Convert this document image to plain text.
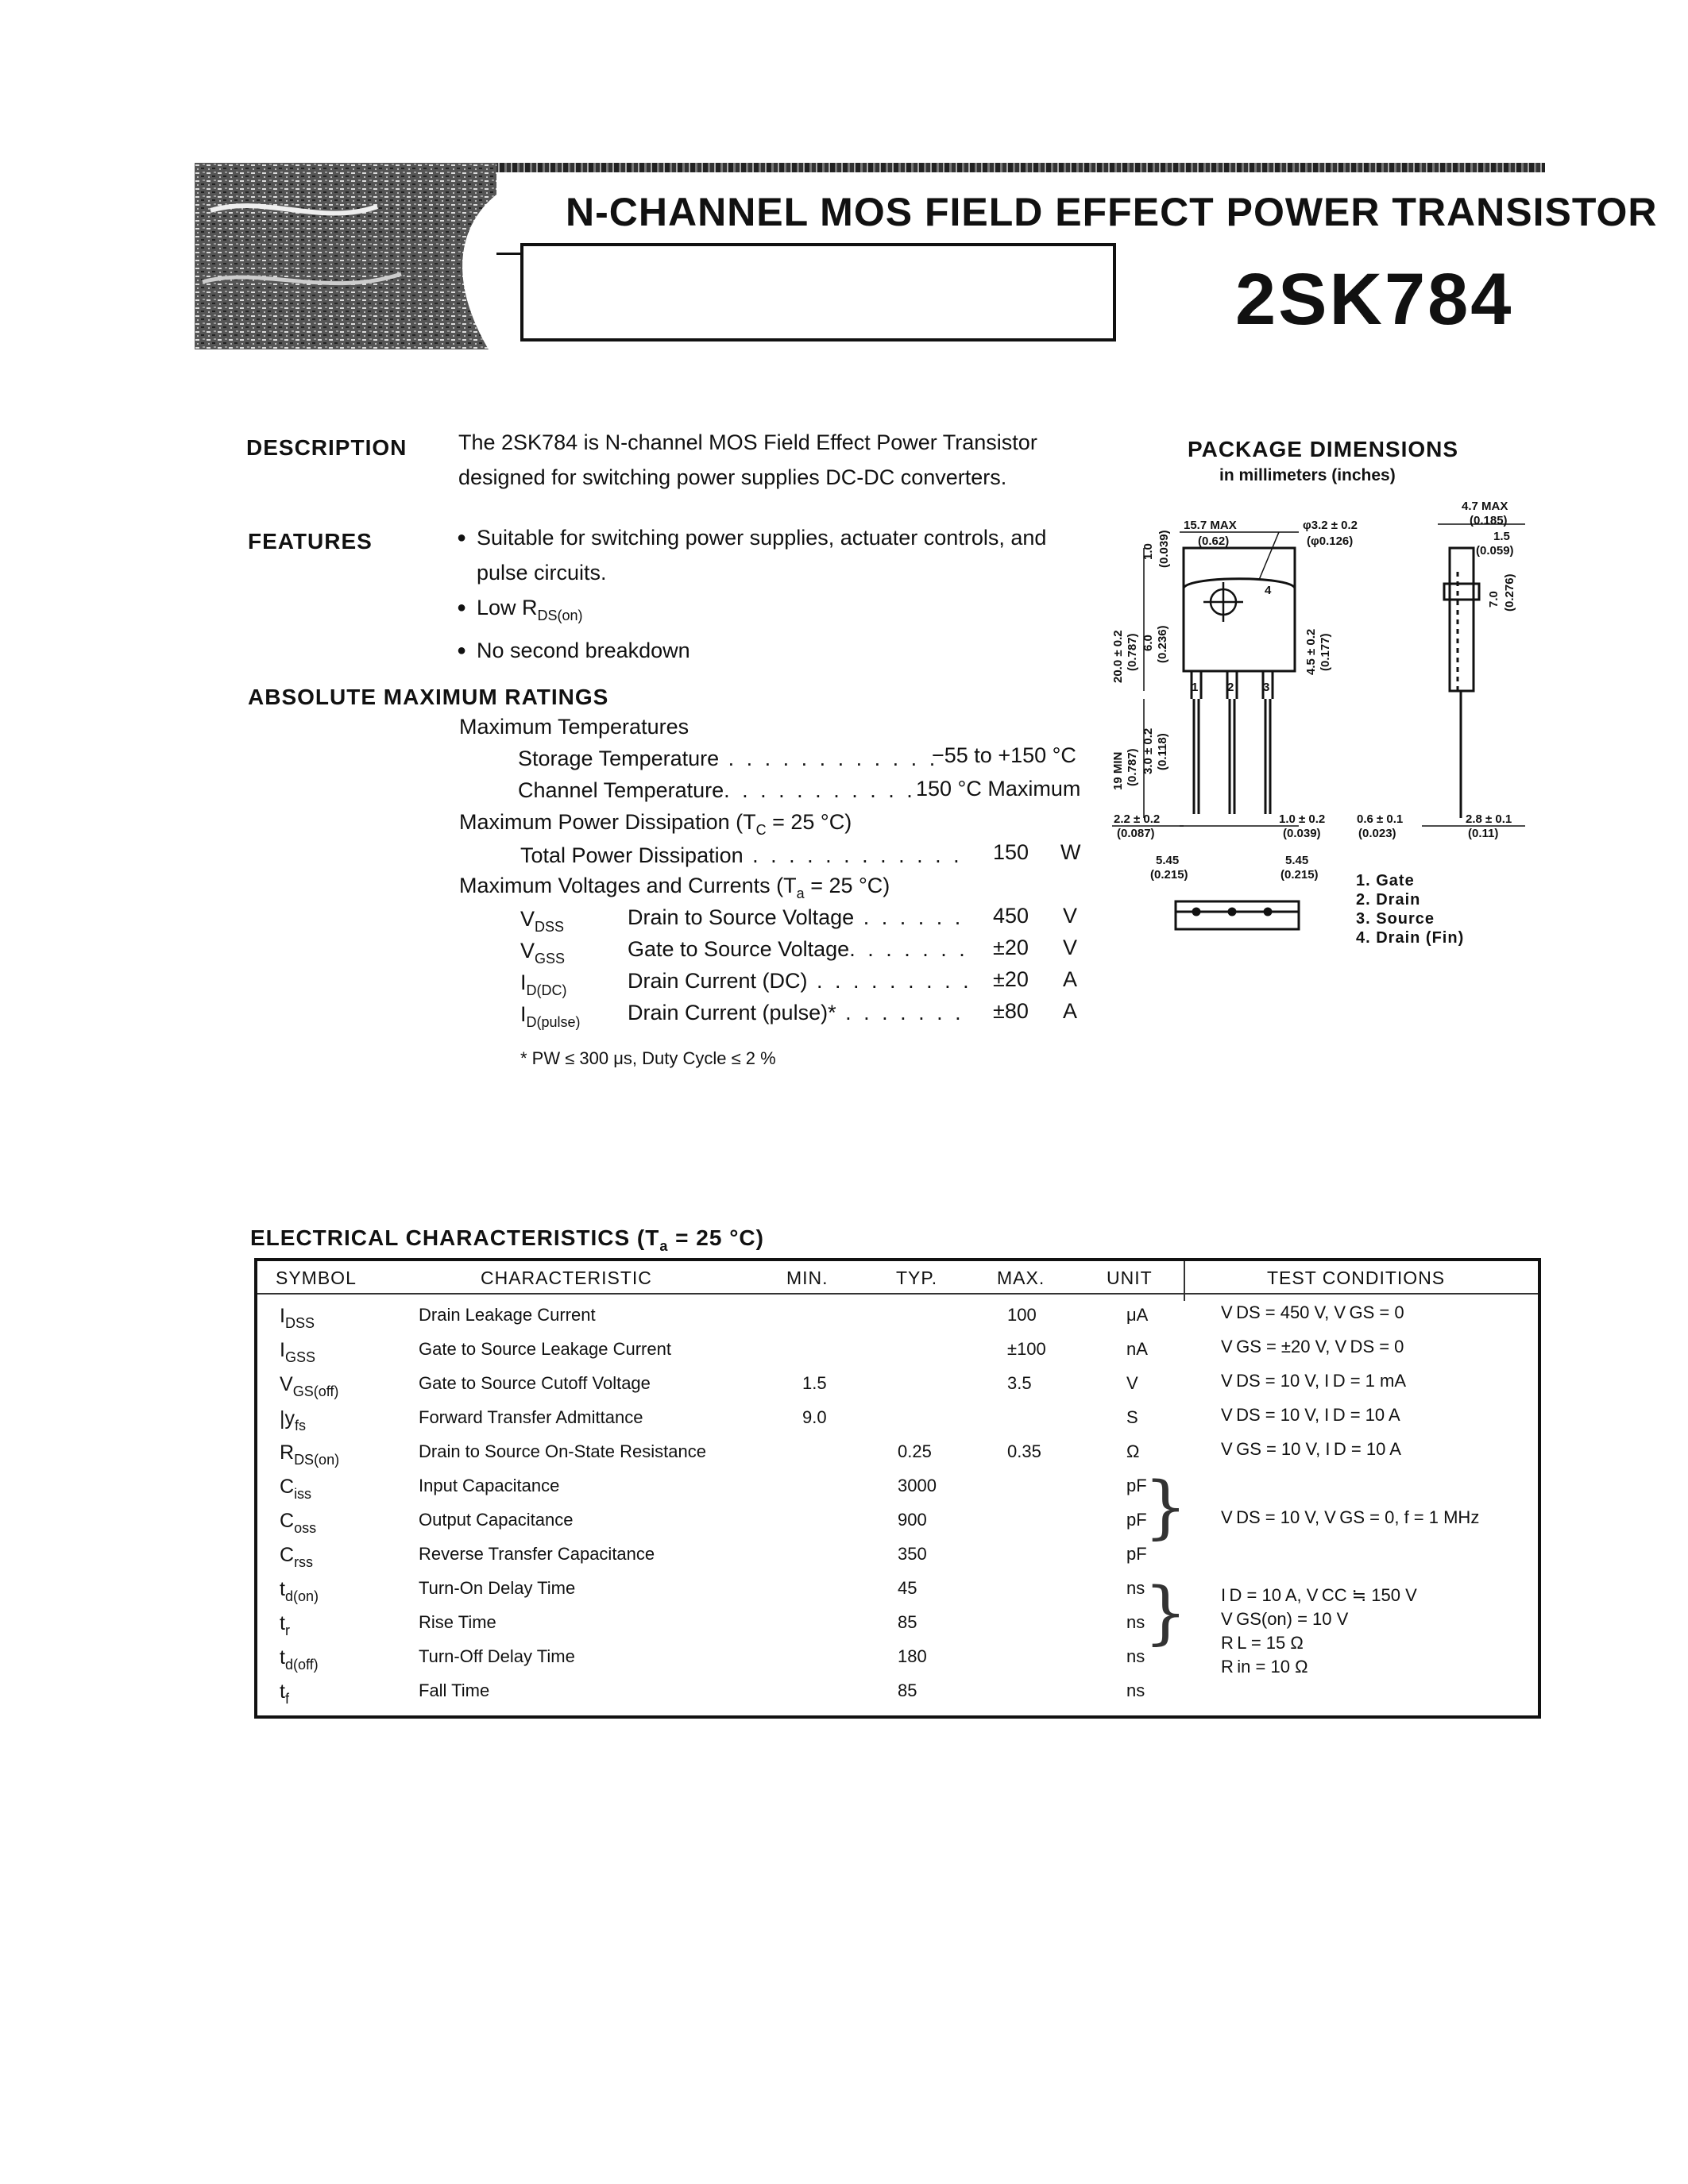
N-CHANNEL MOS FIELD EFFECT POWER TRANSISTOR
2SK784
DESCRIPTION The 2SK784 is N-channel MOS Field Effect Power Transistor
designed for switching power supplies DC-DC converters.
FEATURES
●	Suitable for switching power supplies, actuater controls, and
pulse circuits.
● Low $R_{DS(on)}$
● No second breakdown
ABSOLUTE MAXIMUM RATINGS
Maximum Temperatures
Storage Temperature . . . . . . . . . . . .
−55 to +150 °C
Channel Temperature. . . . . . . . . . . 150 °C Maximum
Maximum Power Dissipation ($T_C = 25$ °C)
Total Power Dissipation . . . . . . . . . . . . 150 W
Maximum Voltages and Currents ($T_a = 25$ °C)
$V_{DSS}$	Drain to Source Voltage . . . . . . 450 V
$V_{GSS}$	Gate to Source Voltage. . . . . . . ±20 V
$I_{D(DC)}$	Drain Current (DC) . . . . . . . . . ±20 A
$I_{D(pulse)}$ Drain Current (pulse)* . . . . . . . ±80 A
* PW ≤ 300 μs, Duty Cycle ≤ 2 %
PACKAGE DIMENSIONS
in millimeters (inches)
15.7 MAX
(0.62)
φ3.2 ± 0.2
(φ0.126)
4.7 MAX
(0.185)
1.5
(0.059)
1.0 (0.039)
7.0 (0.276)
20.0 ± 0.2 (0.787) 6.0 (0.236)	4.5 ± 0.2 (0.177)
19 MIN (0.787) 3.0 ± 0.2 (0.118)
2.2 ± 0.2
(0.087)
1.0 ± 0.2
(0.039)
0.6 ± 0.1
(0.023)
2.8 ± 0.1
(0.11)
5.45
(0.215)
5.45
(0.215)
1 2 3
4
1. Gate
2. Drain
3. Source
4. Drain (Fin)
ELECTRICAL CHARACTERISTICS ($T_a = 25$ °C)
SYMBOL	CHARACTERISTIC	MIN.	TYP.	MAX.	UNIT	TEST CONDITIONS
$I_{DSS}$	Drain Leakage Current	100	μA
$I_{GSS}$	Gate to Source Leakage Current	±100	nA
$V_{GS(off)}$	Gate to Source Cutoff Voltage	1.5	3.5	V
$|y_{fs}$	Forward Transfer Admittance	9.0	S
$R_{DS(on)}$	Drain to Source On-State Resistance	0.25	0.35	Ω
$C_{iss}$	Input Capacitance	3000	pF
$C_{oss}$	Output Capacitance	900	pF
$C_{rss}$	Reverse Transfer Capacitance	350	pF
$t_{d(on)}$	Turn-On Delay Time	45	ns
$t_r$	Rise Time	85	ns
$t_{d(off)}$	Turn-Off Delay Time	180	ns
$t_f$	Fall Time	85	ns
V DS = 450 V, V GS = 0
V GS = ±20 V, V DS = 0
V DS = 10 V, I D = 1 mA
V DS = 10 V, I D = 10 A
V GS = 10 V, I D = 10 A
V DS = 10 V, V GS = 0, f = 1 MHz
I D = 10 A, V CC ≒ 150 V
V GS(on) = 10 V
R L = 15 Ω
R in = 10 Ω
}
}
